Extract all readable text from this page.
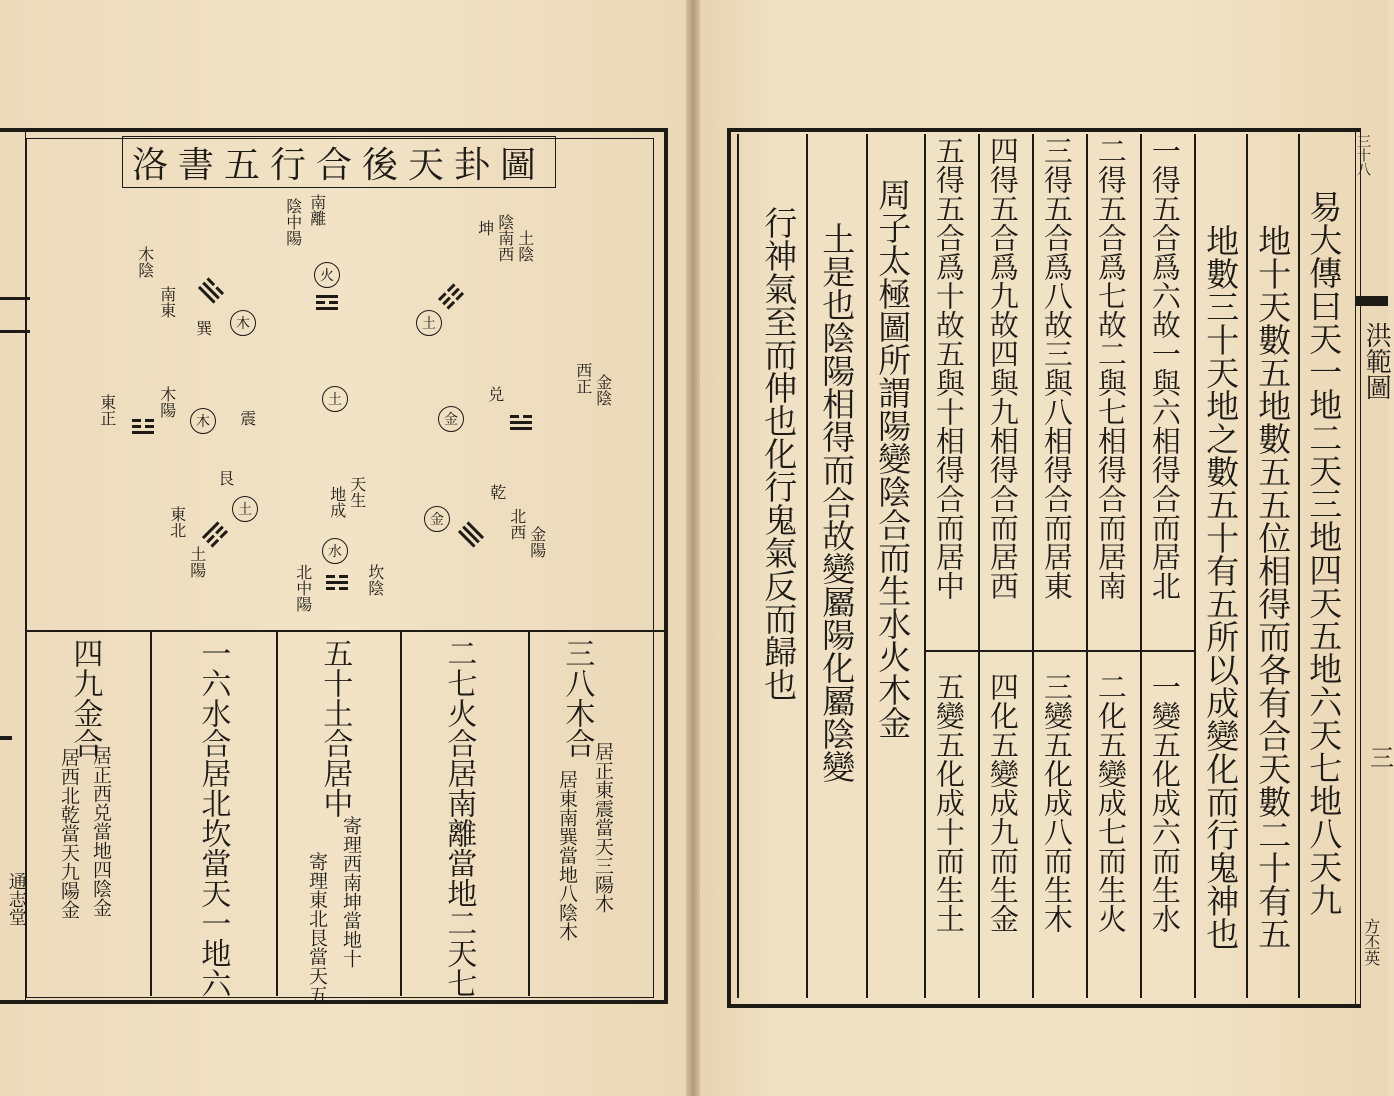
洛書五行合後天卦圖
土
火
陰中陽 南離
土
坤 陰南西 土陰
金
兑	西正 金陰
金
乾
北西
金陽
水
天生
地成
坎陰
北中陽
土
艮
東北
土陽
木	震
東正	木陽
木
巽
南東
木陰
三八木合
居正東震當天三陽木
居東南巽當地八陰木
二七火合居南離當地二天七
五十土合居中
寄理西南坤當地十
寄理東北艮當天五
一六水合居北坎當天一地六
四九金合
居正西兑當地四陰金
居西北乾當天九陽金
通志堂	易大傳曰天一地二天三地四天五地六天七地八天九
地十天數五地數五五位相得而各有合天數二十有五
地數三十天地之數五十有五所以成變化而行鬼神也
一得五合爲六故一與六相得合而居北
二得五合爲七故二與七相得合而居南
三得五合爲八故三與八相得合而居東
四得五合爲九故四與九相得合而居西
五得五合爲十故五與十相得合而居中
一變五化成六而生水
二化五變成七而生火
三變五化成八而生木
四化五變成九而生金
五變五化成十而生土
周子太極圖所謂陽變陰合而生水火木金
土是也陰陽相得而合故變屬陽化屬陰變
行神氣至而伸也化行鬼氣反而歸也
三十八
洪範圖
三
方丕英
